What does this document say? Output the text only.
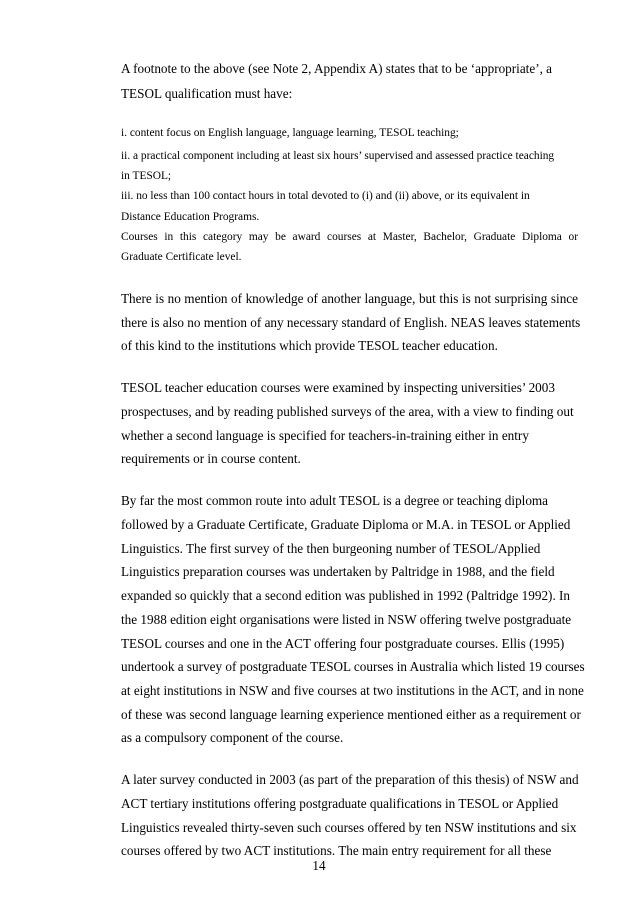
A footnote to the above (see Note 2, Appendix A) states that to be ‘appropriate’, a

TESOL qualification must have:

i. content focus on English language, language learning, TESOL teaching;

ii. a practical component including at least six hours’ supervised and assessed practice teaching

in TESOL;

iii. no less than 100 contact hours in total devoted to (i) and (ii) above, or its equivalent in

Distance Education Programs.

Courses in this category may be award courses at Master, Bachelor, Graduate Diploma or

Graduate Certificate level.

There is no mention of knowledge of another language, but this is not surprising since

there is also no mention of any necessary standard of English. NEAS leaves statements

of this kind to the institutions which provide TESOL teacher education.

TESOL teacher education courses were examined by inspecting universities’ 2003

prospectuses, and by reading published surveys of the area, with a view to finding out

whether a second language is specified for teachers-in-training either in entry

requirements or in course content.

By far the most common route into adult TESOL is a degree or teaching diploma

followed by a Graduate Certificate, Graduate Diploma or M.A. in TESOL or Applied

Linguistics. The first survey of the then burgeoning number of TESOL/Applied

Linguistics preparation courses was undertaken by Paltridge in 1988, and the field

expanded so quickly that a second edition was published in 1992 (Paltridge 1992). In

the 1988 edition eight organisations were listed in NSW offering twelve postgraduate

TESOL courses and one in the ACT offering four postgraduate courses. Ellis (1995)

undertook a survey of postgraduate TESOL courses in Australia which listed 19 courses

at eight institutions in NSW and five courses at two institutions in the ACT, and in none

of these was second language learning experience mentioned either as a requirement or

as a compulsory component of the course.

A later survey conducted in 2003 (as part of the preparation of this thesis) of NSW and

ACT tertiary institutions offering postgraduate qualifications in TESOL or Applied

Linguistics revealed thirty-seven such courses offered by ten NSW institutions and six

courses offered by two ACT institutions. The main entry requirement for all these

14
